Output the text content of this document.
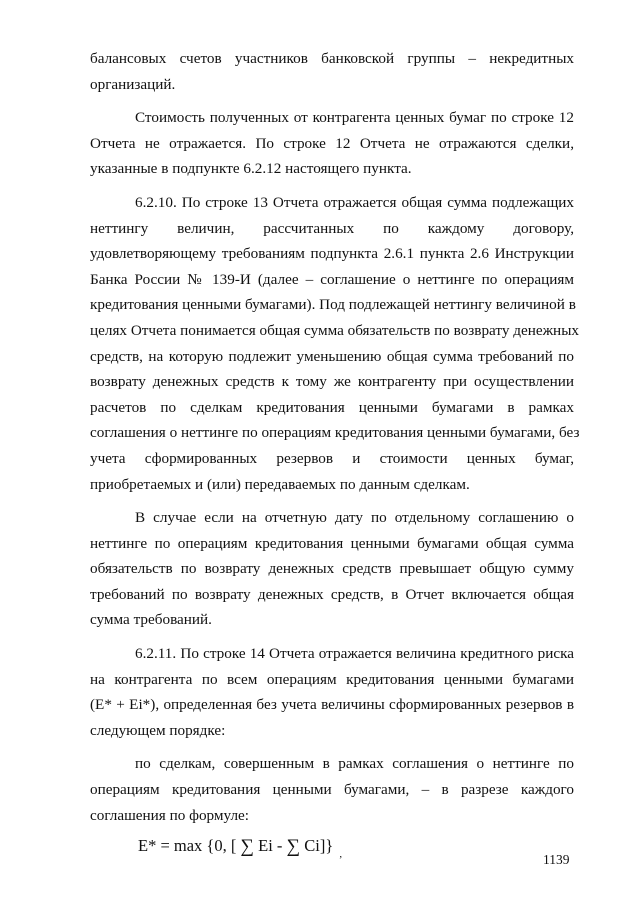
балансовых счетов участников банковской группы – некредитных
организаций.
Стоимость полученных от контрагента ценных бумаг по строке 12
Отчета не отражается. По строке 12 Отчета не отражаются сделки,
указанные в подпункте 6.2.12 настоящего пункта.
6.2.10. По строке 13 Отчета отражается общая сумма подлежащих
неттингу величин, рассчитанных по каждому договору,
удовлетворяющему требованиям подпункта 2.6.1 пункта 2.6 Инструкции
Банка России № 139-И (далее – соглашение о неттинге по операциям
кредитования ценными бумагами). Под подлежащей неттингу величиной в
целях Отчета понимается общая сумма обязательств по возврату денежных
средств, на которую подлежит уменьшению общая сумма требований по
возврату денежных средств к тому же контрагенту при осуществлении
расчетов по сделкам кредитования ценными бумагами в рамках
соглашения о неттинге по операциям кредитования ценными бумагами, без
учета сформированных резервов и стоимости ценных бумаг,
приобретаемых и (или) передаваемых по данным сделкам.
В случае если на отчетную дату по отдельному соглашению о
неттинге по операциям кредитования ценными бумагами общая сумма
обязательств по возврату денежных средств превышает общую сумму
требований по возврату денежных средств, в Отчет включается общая
сумма требований.
6.2.11. По строке 14 Отчета отражается величина кредитного риска
на контрагента по всем операциям кредитования ценными бумагами
(E* + Ei*), определенная без учета величины сформированных резервов в
следующем порядке:
по сделкам, совершенным в рамках соглашения о неттинге по
операциям кредитования ценными бумагами, – в разрезе каждого
соглашения по формуле:
E* = max {0, [ ∑ Ei - ∑ Ci]} $_,$	1139
